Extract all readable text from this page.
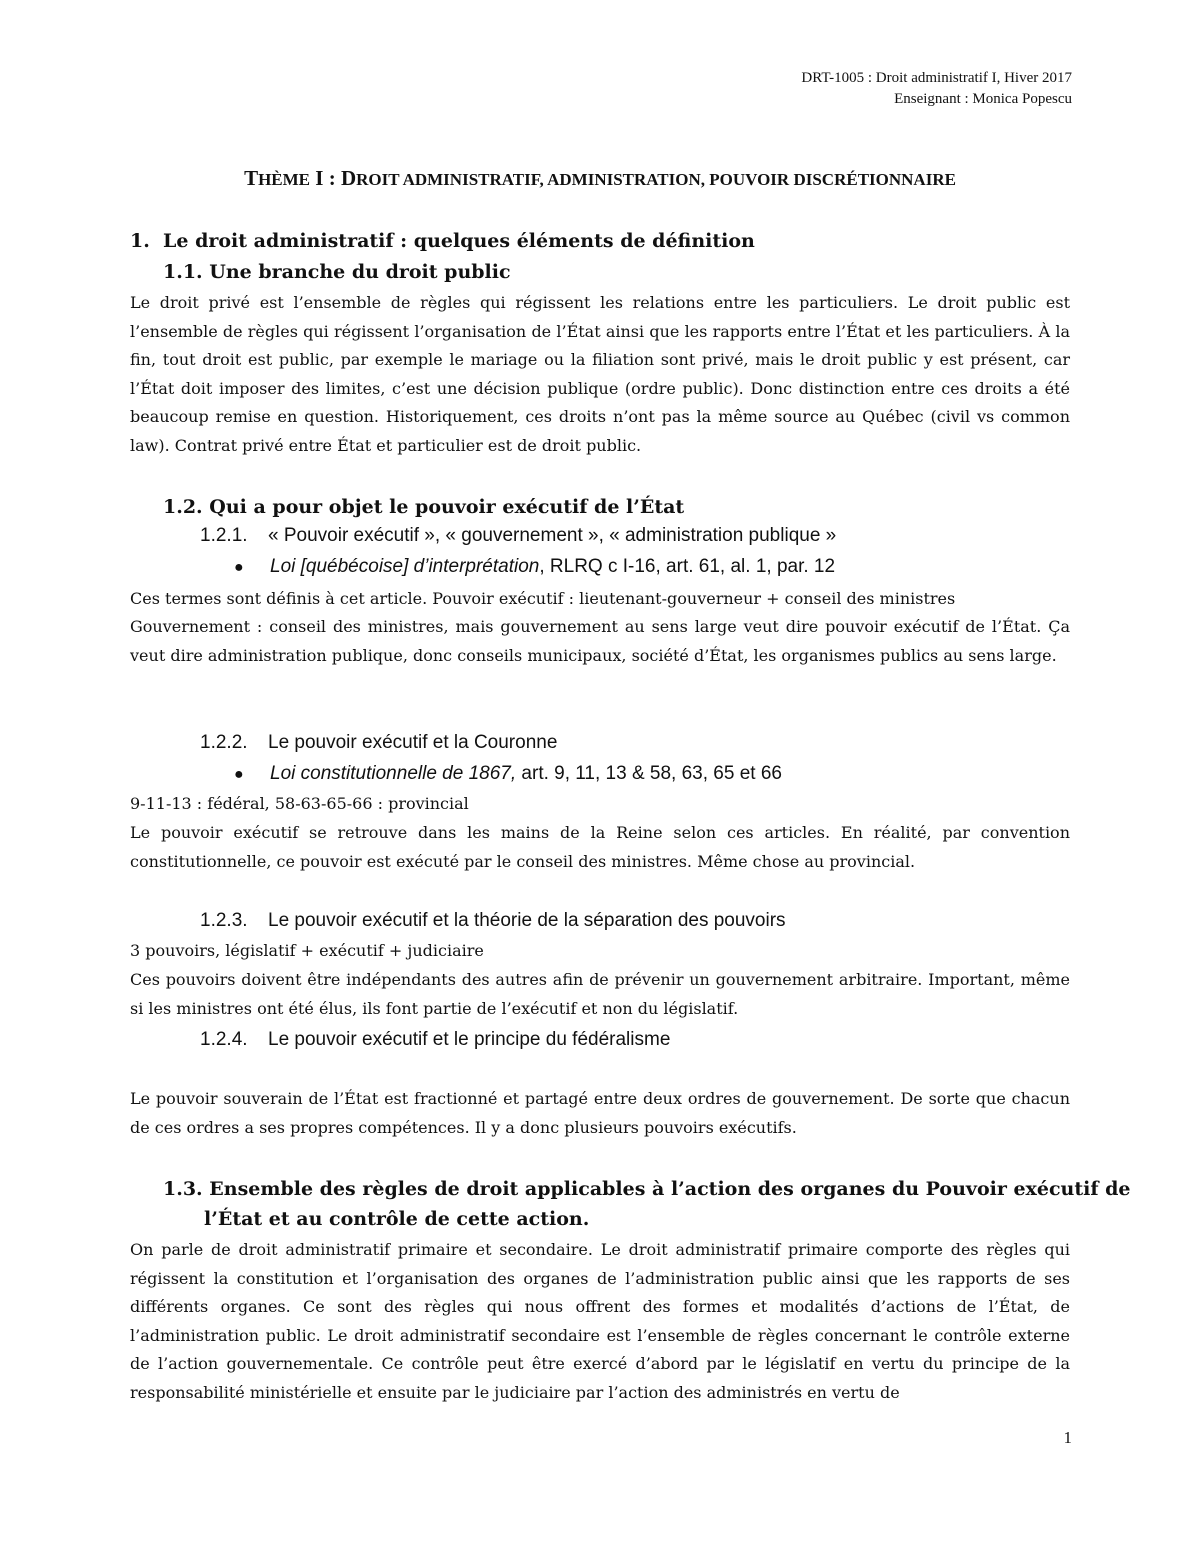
DRT-1005 : Droit administratif I, Hiver 2017
Enseignant : Monica Popescu
THÈME I : DROIT ADMINISTRATIF, ADMINISTRATION, POUVOIR DISCRÉTIONNAIRE
1. Le droit administratif : quelques éléments de définition
1.1. Une branche du droit public
Le droit privé est l’ensemble de règles qui régissent les relations entre les particuliers. Le droit public est l’ensemble de règles qui régissent l’organisation de l’État ainsi que les rapports entre l’État et les particuliers. À la fin, tout droit est public, par exemple le mariage ou la filiation sont privé, mais le droit public y est présent, car l’État doit imposer des limites, c’est une décision publique (ordre public). Donc distinction entre ces droits a été beaucoup remise en question. Historiquement, ces droits n’ont pas la même source au Québec (civil vs common law). Contrat privé entre État et particulier est de droit public.
1.2. Qui a pour objet le pouvoir exécutif de l’État
1.2.1. « Pouvoir exécutif », « gouvernement », « administration publique »
● Loi [québécoise] d’interprétation, RLRQ c I-16, art. 61, al. 1, par. 12
Ces termes sont définis à cet article. Pouvoir exécutif : lieutenant-gouverneur + conseil des ministres
Gouvernement : conseil des ministres, mais gouvernement au sens large veut dire pouvoir exécutif de l’État. Ça veut dire administration publique, donc conseils municipaux, société d’État, les organismes publics au sens large.
1.2.2. Le pouvoir exécutif et la Couronne
● Loi constitutionnelle de 1867, art. 9, 11, 13 & 58, 63, 65 et 66
9-11-13 : fédéral, 58-63-65-66 : provincial
Le pouvoir exécutif se retrouve dans les mains de la Reine selon ces articles. En réalité, par convention constitutionnelle, ce pouvoir est exécuté par le conseil des ministres. Même chose au provincial.
1.2.3. Le pouvoir exécutif et la théorie de la séparation des pouvoirs
3 pouvoirs, législatif + exécutif + judiciaire
Ces pouvoirs doivent être indépendants des autres afin de prévenir un gouvernement arbitraire. Important, même si les ministres ont été élus, ils font partie de l’exécutif et non du législatif.
1.2.4. Le pouvoir exécutif et le principe du fédéralisme
Le pouvoir souverain de l’État est fractionné et partagé entre deux ordres de gouvernement. De sorte que chacun de ces ordres a ses propres compétences. Il y a donc plusieurs pouvoirs exécutifs.
1.3. Ensemble des règles de droit applicables à l’action des organes du Pouvoir exécutif de l’État et au contrôle de cette action.
On parle de droit administratif primaire et secondaire. Le droit administratif primaire comporte des règles qui régissent la constitution et l’organisation des organes de l’administration public ainsi que les rapports de ses différents organes. Ce sont des règles qui nous offrent des formes et modalités d’actions de l’État, de l’administration public. Le droit administratif secondaire est l’ensemble de règles concernant le contrôle externe de l’action gouvernementale. Ce contrôle peut être exercé d’abord par le législatif en vertu du principe de la responsabilité ministérielle et ensuite par le judiciaire par l’action des administrés en vertu de
1
